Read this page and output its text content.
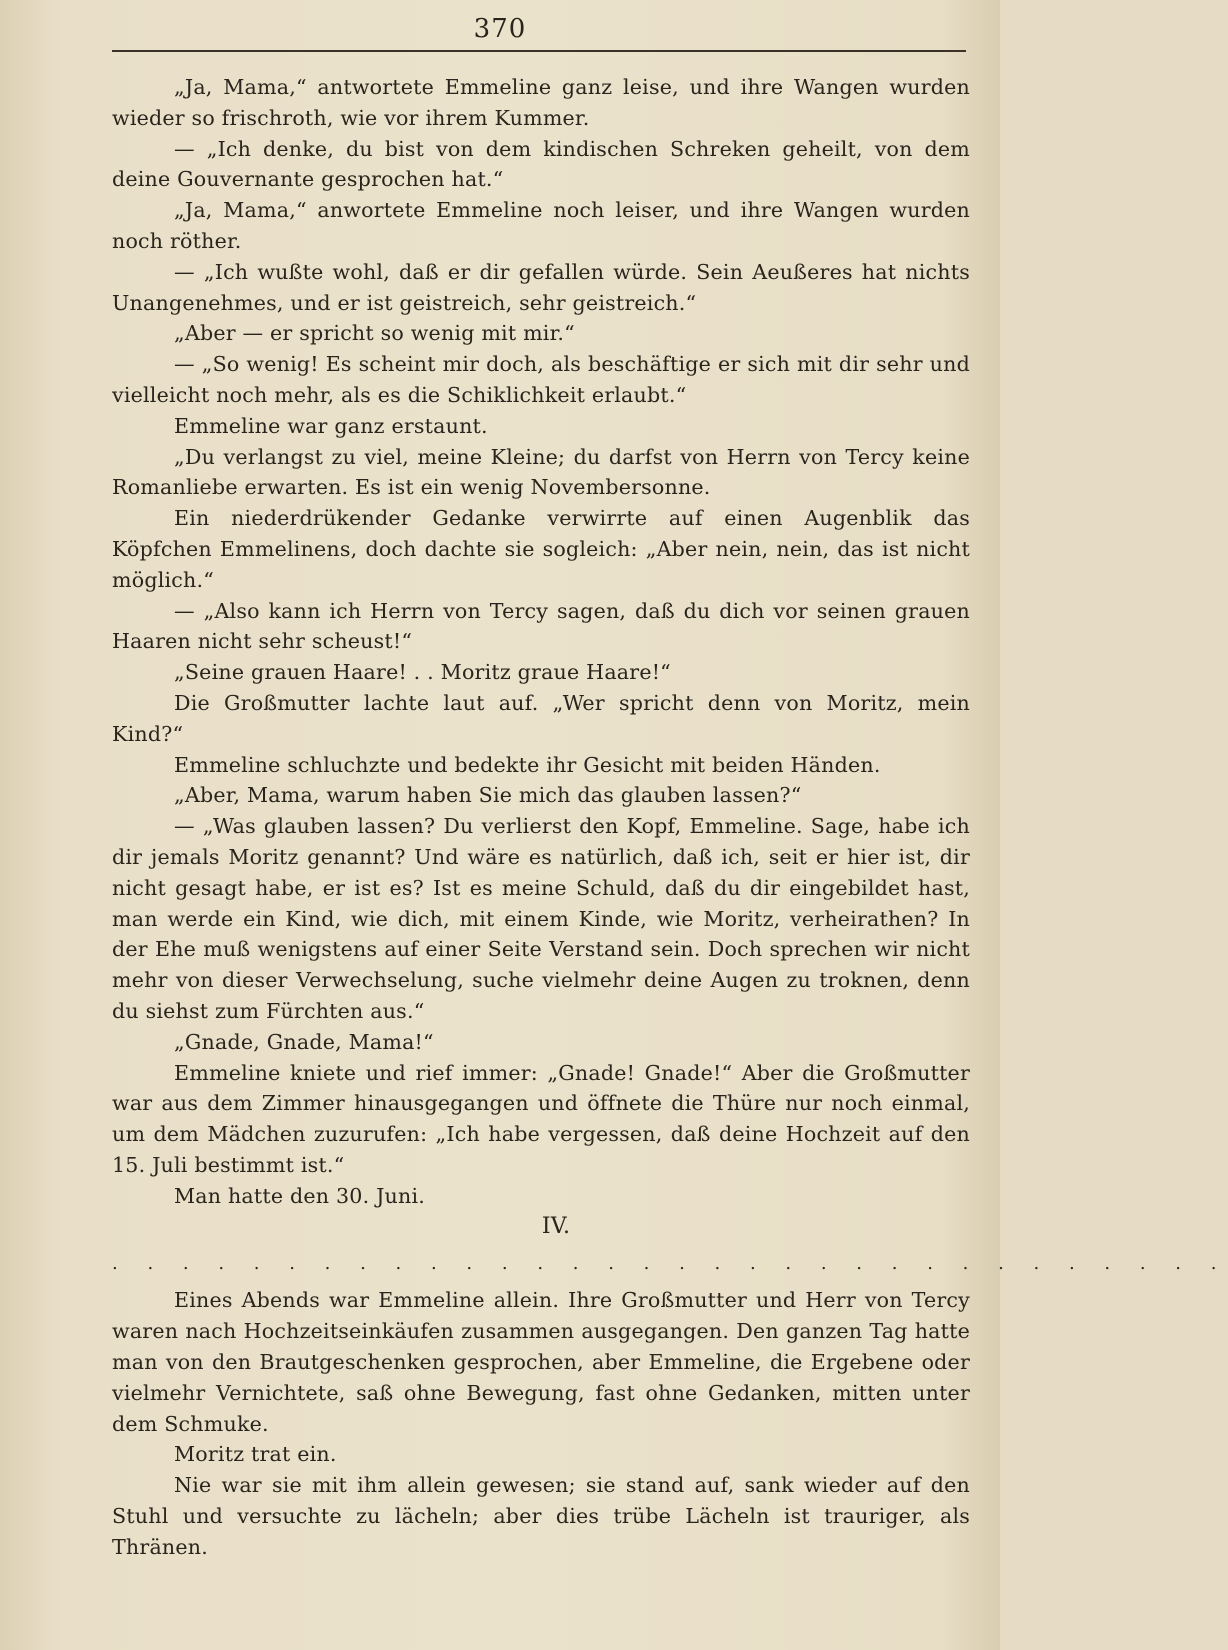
370

„Ja, Mama,“ antwortete Emmeline ganz leise, und ihre Wangen wurden wieder so frischroth, wie vor ihrem Kummer.

— „Ich denke, du bist von dem kindischen Schreken geheilt, von dem deine Gouvernante gesprochen hat.“

„Ja, Mama,“ anwortete Emmeline noch leiser, und ihre Wangen wurden noch röther.

— „Ich wußte wohl, daß er dir gefallen würde. Sein Aeußeres hat nichts Unangenehmes, und er ist geistreich, sehr geistreich.“

„Aber — er spricht so wenig mit mir.“

— „So wenig! Es scheint mir doch, als beschäftige er sich mit dir sehr und vielleicht noch mehr, als es die Schiklichkeit erlaubt.“

Emmeline war ganz erstaunt.

„Du verlangst zu viel, meine Kleine; du darfst von Herrn von Tercy keine Romanliebe erwarten. Es ist ein wenig Novembersonne.

Ein niederdrükender Gedanke verwirrte auf einen Augenblik das Köpfchen Emmelinens, doch dachte sie sogleich: „Aber nein, nein, das ist nicht möglich.“

— „Also kann ich Herrn von Tercy sagen, daß du dich vor seinen grauen Haaren nicht sehr scheust!“

„Seine grauen Haare! . . Moritz graue Haare!“

Die Großmutter lachte laut auf. „Wer spricht denn von Moritz, mein Kind?“

Emmeline schluchzte und bedekte ihr Gesicht mit beiden Händen.

„Aber, Mama, warum haben Sie mich das glauben lassen?“

— „Was glauben lassen? Du verlierst den Kopf, Emmeline. Sage, habe ich dir jemals Moritz genannt? Und wäre es natürlich, daß ich, seit er hier ist, dir nicht gesagt habe, er ist es? Ist es meine Schuld, daß du dir eingebildet hast, man werde ein Kind, wie dich, mit einem Kinde, wie Moritz, verheirathen? In der Ehe muß wenigstens auf einer Seite Verstand sein. Doch sprechen wir nicht mehr von dieser Verwechselung, suche vielmehr deine Augen zu troknen, denn du siehst zum Fürchten aus.“

„Gnade, Gnade, Mama!“

Emmeline kniete und rief immer: „Gnade! Gnade!“ Aber die Großmutter war aus dem Zimmer hinausgegangen und öffnete die Thüre nur noch einmal, um dem Mädchen zuzurufen: „Ich habe vergessen, daß deine Hochzeit auf den 15. Juli bestimmt ist.“

Man hatte den 30. Juni.

IV.

. . . . . . . . . . . . . . . . . . . . . . . . . . . . . . . .

Eines Abends war Emmeline allein. Ihre Großmutter und Herr von Tercy waren nach Hochzeitseinkäufen zusammen ausgegangen. Den ganzen Tag hatte man von den Brautgeschenken gesprochen, aber Emmeline, die Ergebene oder vielmehr Vernichtete, saß ohne Bewegung, fast ohne Gedanken, mitten unter dem Schmuke.

Moritz trat ein.

Nie war sie mit ihm allein gewesen; sie stand auf, sank wieder auf den Stuhl und versuchte zu lächeln; aber dies trübe Lächeln ist trauriger, als Thränen.
